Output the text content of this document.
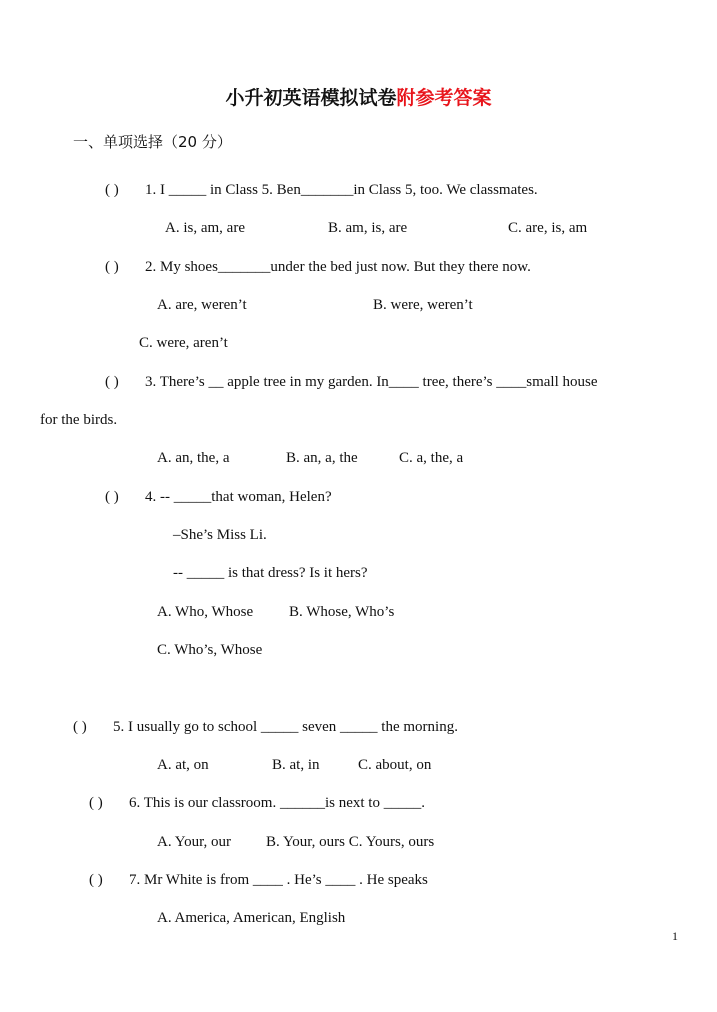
小升初英语模拟试卷附参考答案
一、单项选择（20 分）
( ) 1. I _____ in Class 5. Ben_______in Class 5, too. We classmates.
A. is, am, are	B. am, is, are	C. are, is, am
( ) 2. My shoes_______under the bed just now. But they there now.
A. are, weren’t	B. were, weren’t
C. were, aren’t
( ) 3. There’s __ apple tree in my garden. In____ tree, there’s ____small house
for the birds.
A. an, the, a	B. an, a, the	C. a, the, a
( ) 4. -- _____that woman, Helen?
–She’s Miss Li.
-- _____ is that dress? Is it hers?
A. Who, Whose B. Whose, Who’s
C. Who’s, Whose
( ) 5. I usually go to school _____ seven _____ the morning.
A. at, on	B. at, in	C. about, on
( ) 6. This is our classroom. ______is next to _____.
A. Your, our B. Your, ours C. Yours, ours
( ) 7. Mr White is from ____ . He’s ____ . He speaks
A. America, American, English
1
